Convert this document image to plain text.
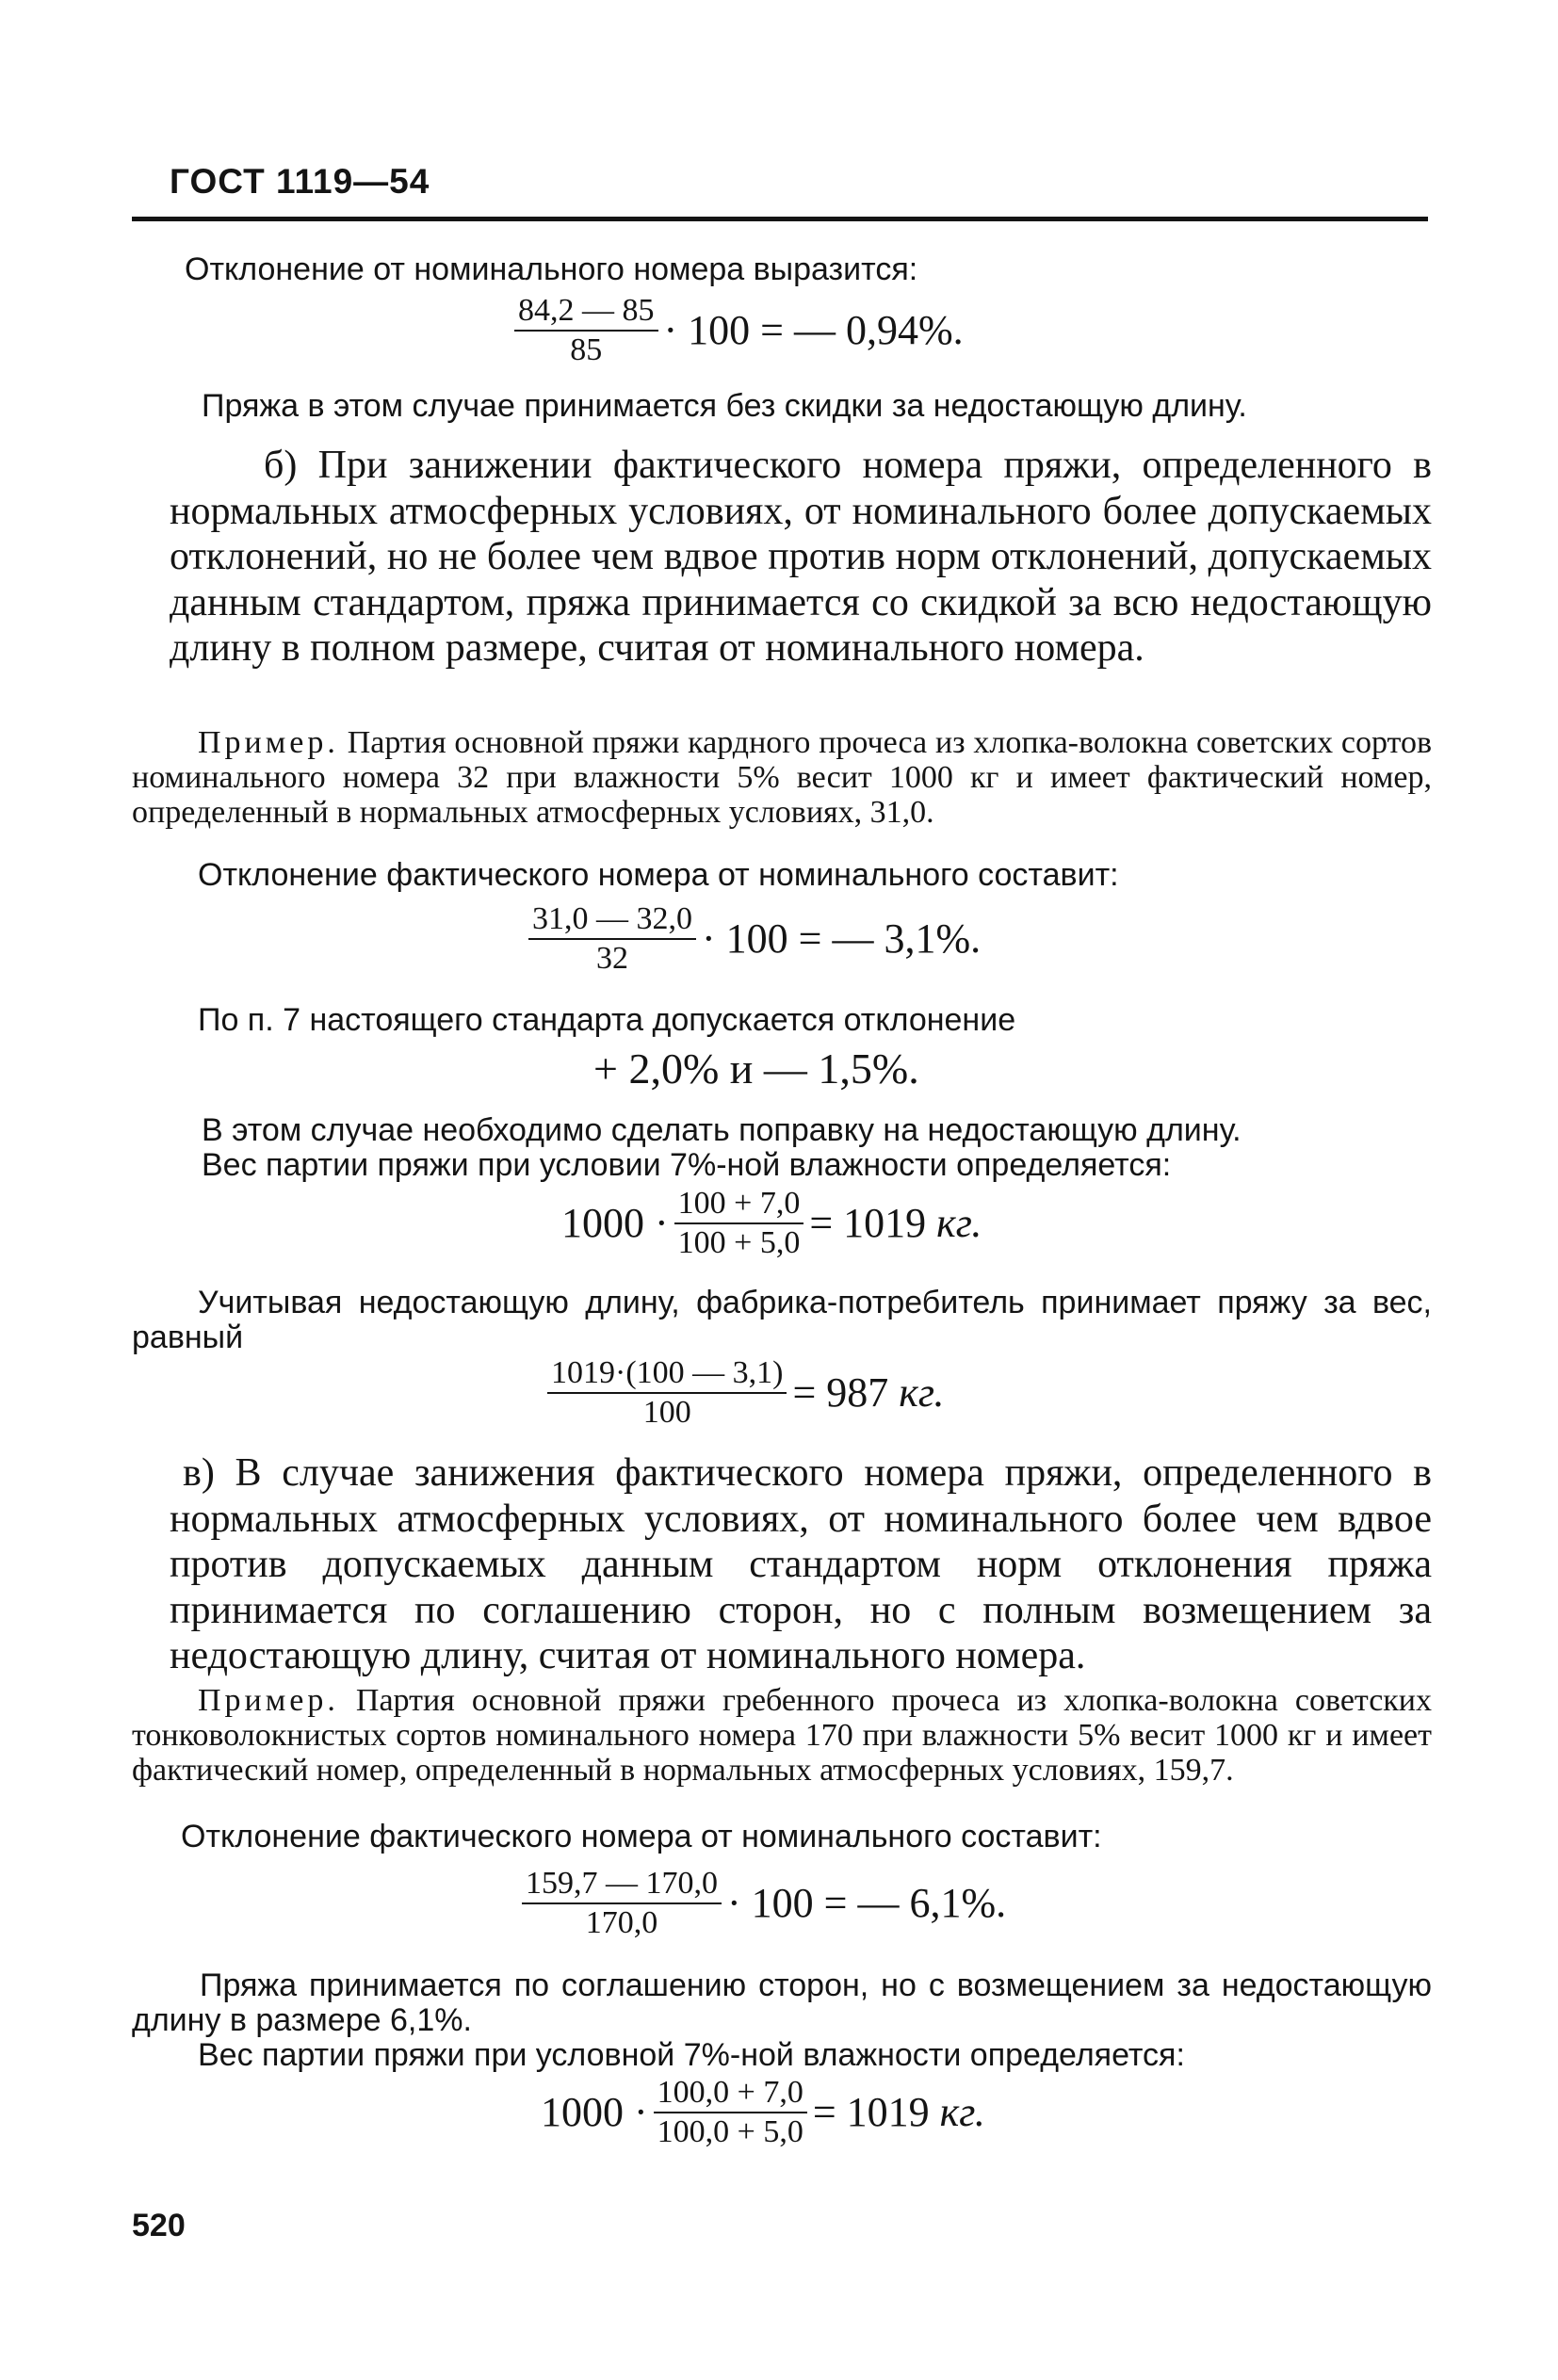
ГОСТ 1119—54

Отклонение от номинального номера выразится:

$\frac{84,2 — 85}{85} \cdot 100$ = — 0,94%.

Пряжа в этом случае принимается без скидки за недостающую длину.

б) При занижении фактического номера пряжи, определенного в нормальных атмосферных условиях, от номинального более допускаемых отклонений, но не более чем вдвое против норм отклонений, допускаемых данным стандартом, пряжа принимается со скидкой за всю недостающую длину в полном размере, считая от номинального номера.

Пример. Партия основной пряжи кардного прочеса из хлопка-волокна советских сортов номинального номера 32 при влажности 5% весит 1000 кг и имеет фактический номер, определенный в нормальных атмосферных условиях, 31,0.

Отклонение фактического номера от номинального составит:

$\frac{31,0 — 32,0}{32} \cdot 100$ = — 3,1%.

По п. 7 настоящего стандарта допускается отклонение

+ 2,0% и — 1,5%.

В этом случае необходимо сделать поправку на недостающую длину.

Вес партии пряжи при условии 7%-ной влажности определяется:

$1000 \cdot \frac{100 + 7,0}{100 + 5,0} = 1019$
кг.

Учитывая недостающую длину, фабрика-потребитель принимает пряжу за вес, равный

$\frac{1019\cdot(100 — 3,1)}{100} = 987$
кг.

в) В случае занижения фактического номера пряжи, определенного в нормальных атмосферных условиях, от номинального более чем вдвое против допускаемых данным стандартом норм отклонения пряжа принимается по соглашению сторон, но с полным возмещением за недостающую длину, считая от номинального номера.

Пример. Партия основной пряжи гребенного прочеса из хлопка-волокна советских тонковолокнистых сортов номинального номера 170 при влажности 5% весит 1000 кг и имеет фактический номер, определенный в нормальных атмосферных условиях, 159,7.

Отклонение фактического номера от номинального составит:

$\frac{159,7 — 170,0}{170,0} \cdot 100$ = — 6,1%.

Пряжа принимается по соглашению сторон, но с возмещением за недостающую длину в размере 6,1%.

Вес партии пряжи при условной 7%-ной влажности определяется:

$1000 \cdot \frac{100,0 + 7,0}{100,0 + 5,0} = 1019$
кг.
520
